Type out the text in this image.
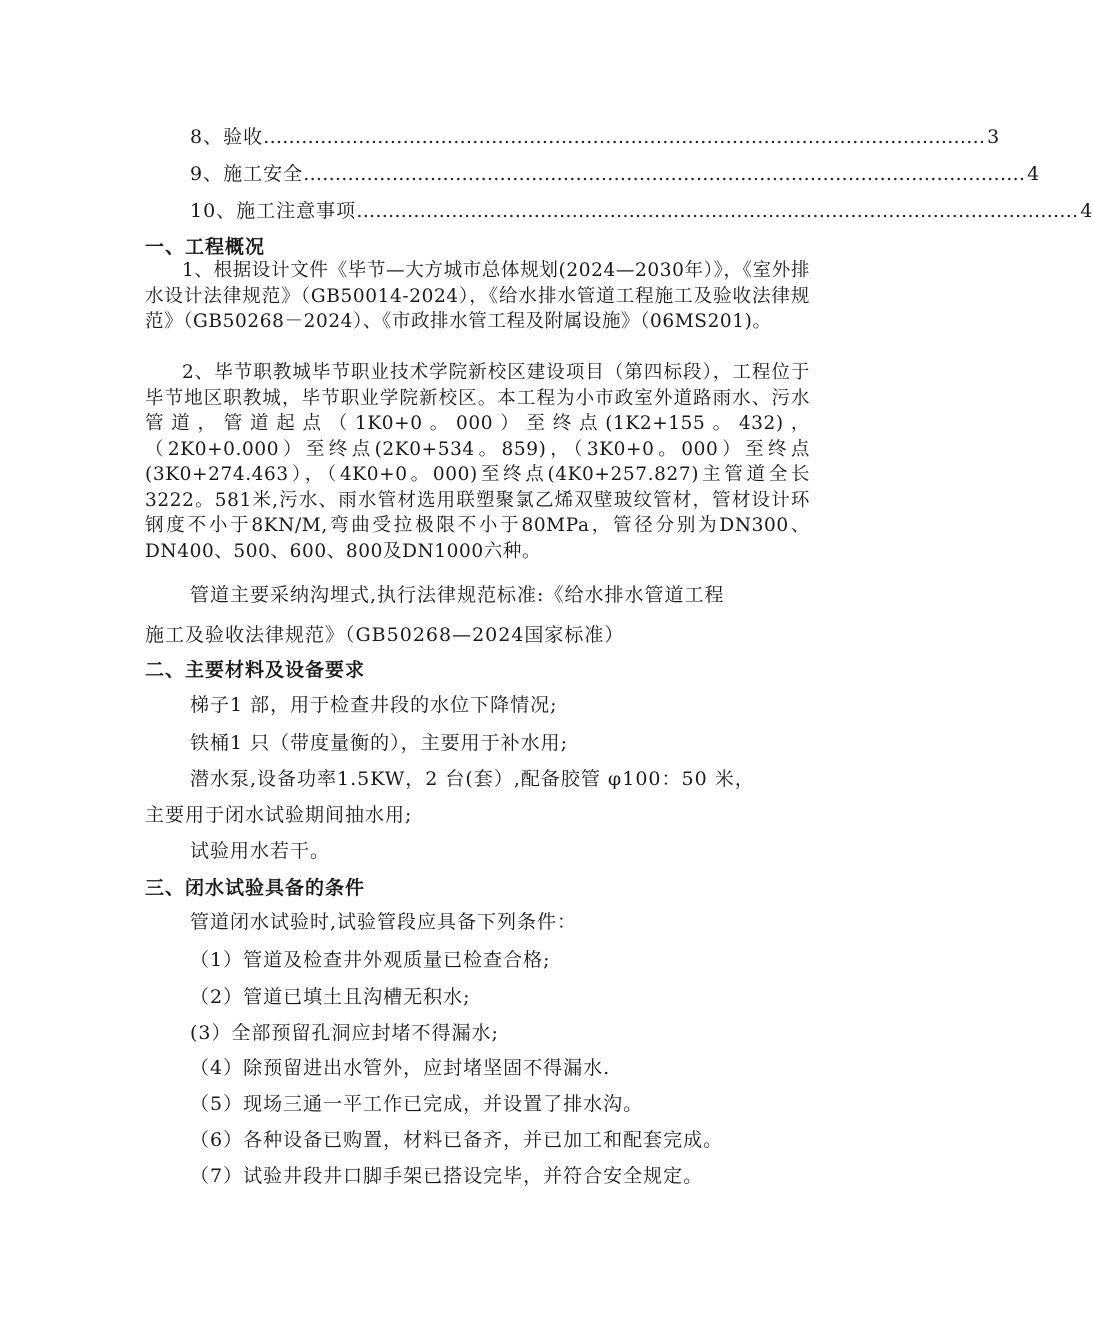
8、验收 …………………………………………………………………………………………………… 3
9、施工安全 …………………………………………………………………………………………………… 4
10、施工注意事项 …………………………………………………………………………………………………… 4
一、工程概况
1、根据设计文件《毕节—大方城市总体规划(2024—2030年）》，《室外排水设计法律规范》（GB50014-2024），《给水排水管道工程施工及验收法律规范》（GB50268－2024）、《市政排水管工程及附属设施》（06MS201)。
2、毕节职教城毕节职业技术学院新校区建设项目（第四标段），工程位于毕节地区职教城，毕节职业学院新校区。本工程为小市政室外道路雨水、污水管道，管道起点（1K0+0。000）至终点(1K2+155。432)，（2K0+0.000）至终点(2K0+534。859)，（3K0+0。000）至终点(3K0+274.463），（4K0+0。000)至终点(4K0+257.827)主管道全长3222。581米,污水、雨水管材选用联塑聚氯乙烯双壁玻纹管材，管材设计环钢度不小于8KN/M,弯曲受拉极限不小于80MPa，管径分别为DN300、DN400、500、600、800及DN1000六种。
管道主要采纳沟埋式,执行法律规范标准:《给水排水管道工程
施工及验收法律规范》（GB50268—2024国家标准）
二、主要材料及设备要求
梯子1 部，用于检查井段的水位下降情况;
铁桶1 只（带度量衡的），主要用于补水用;
潜水泵,设备功率1.5KW，2 台(套）,配备胶管 φ100：50 米，
主要用于闭水试验期间抽水用;
试验用水若干。
三、闭水试验具备的条件
管道闭水试验时,试验管段应具备下列条件：
（1）管道及检查井外观质量已检查合格;
（2）管道已填土且沟槽无积水;
(3）全部预留孔洞应封堵不得漏水;
（4）除预留进出水管外，应封堵坚固不得漏水.
（5）现场三通一平工作已完成，并设置了排水沟。
（6）各种设备已购置，材料已备齐，并已加工和配套完成。
（7）试验井段井口脚手架已搭设完毕，并符合安全规定。
